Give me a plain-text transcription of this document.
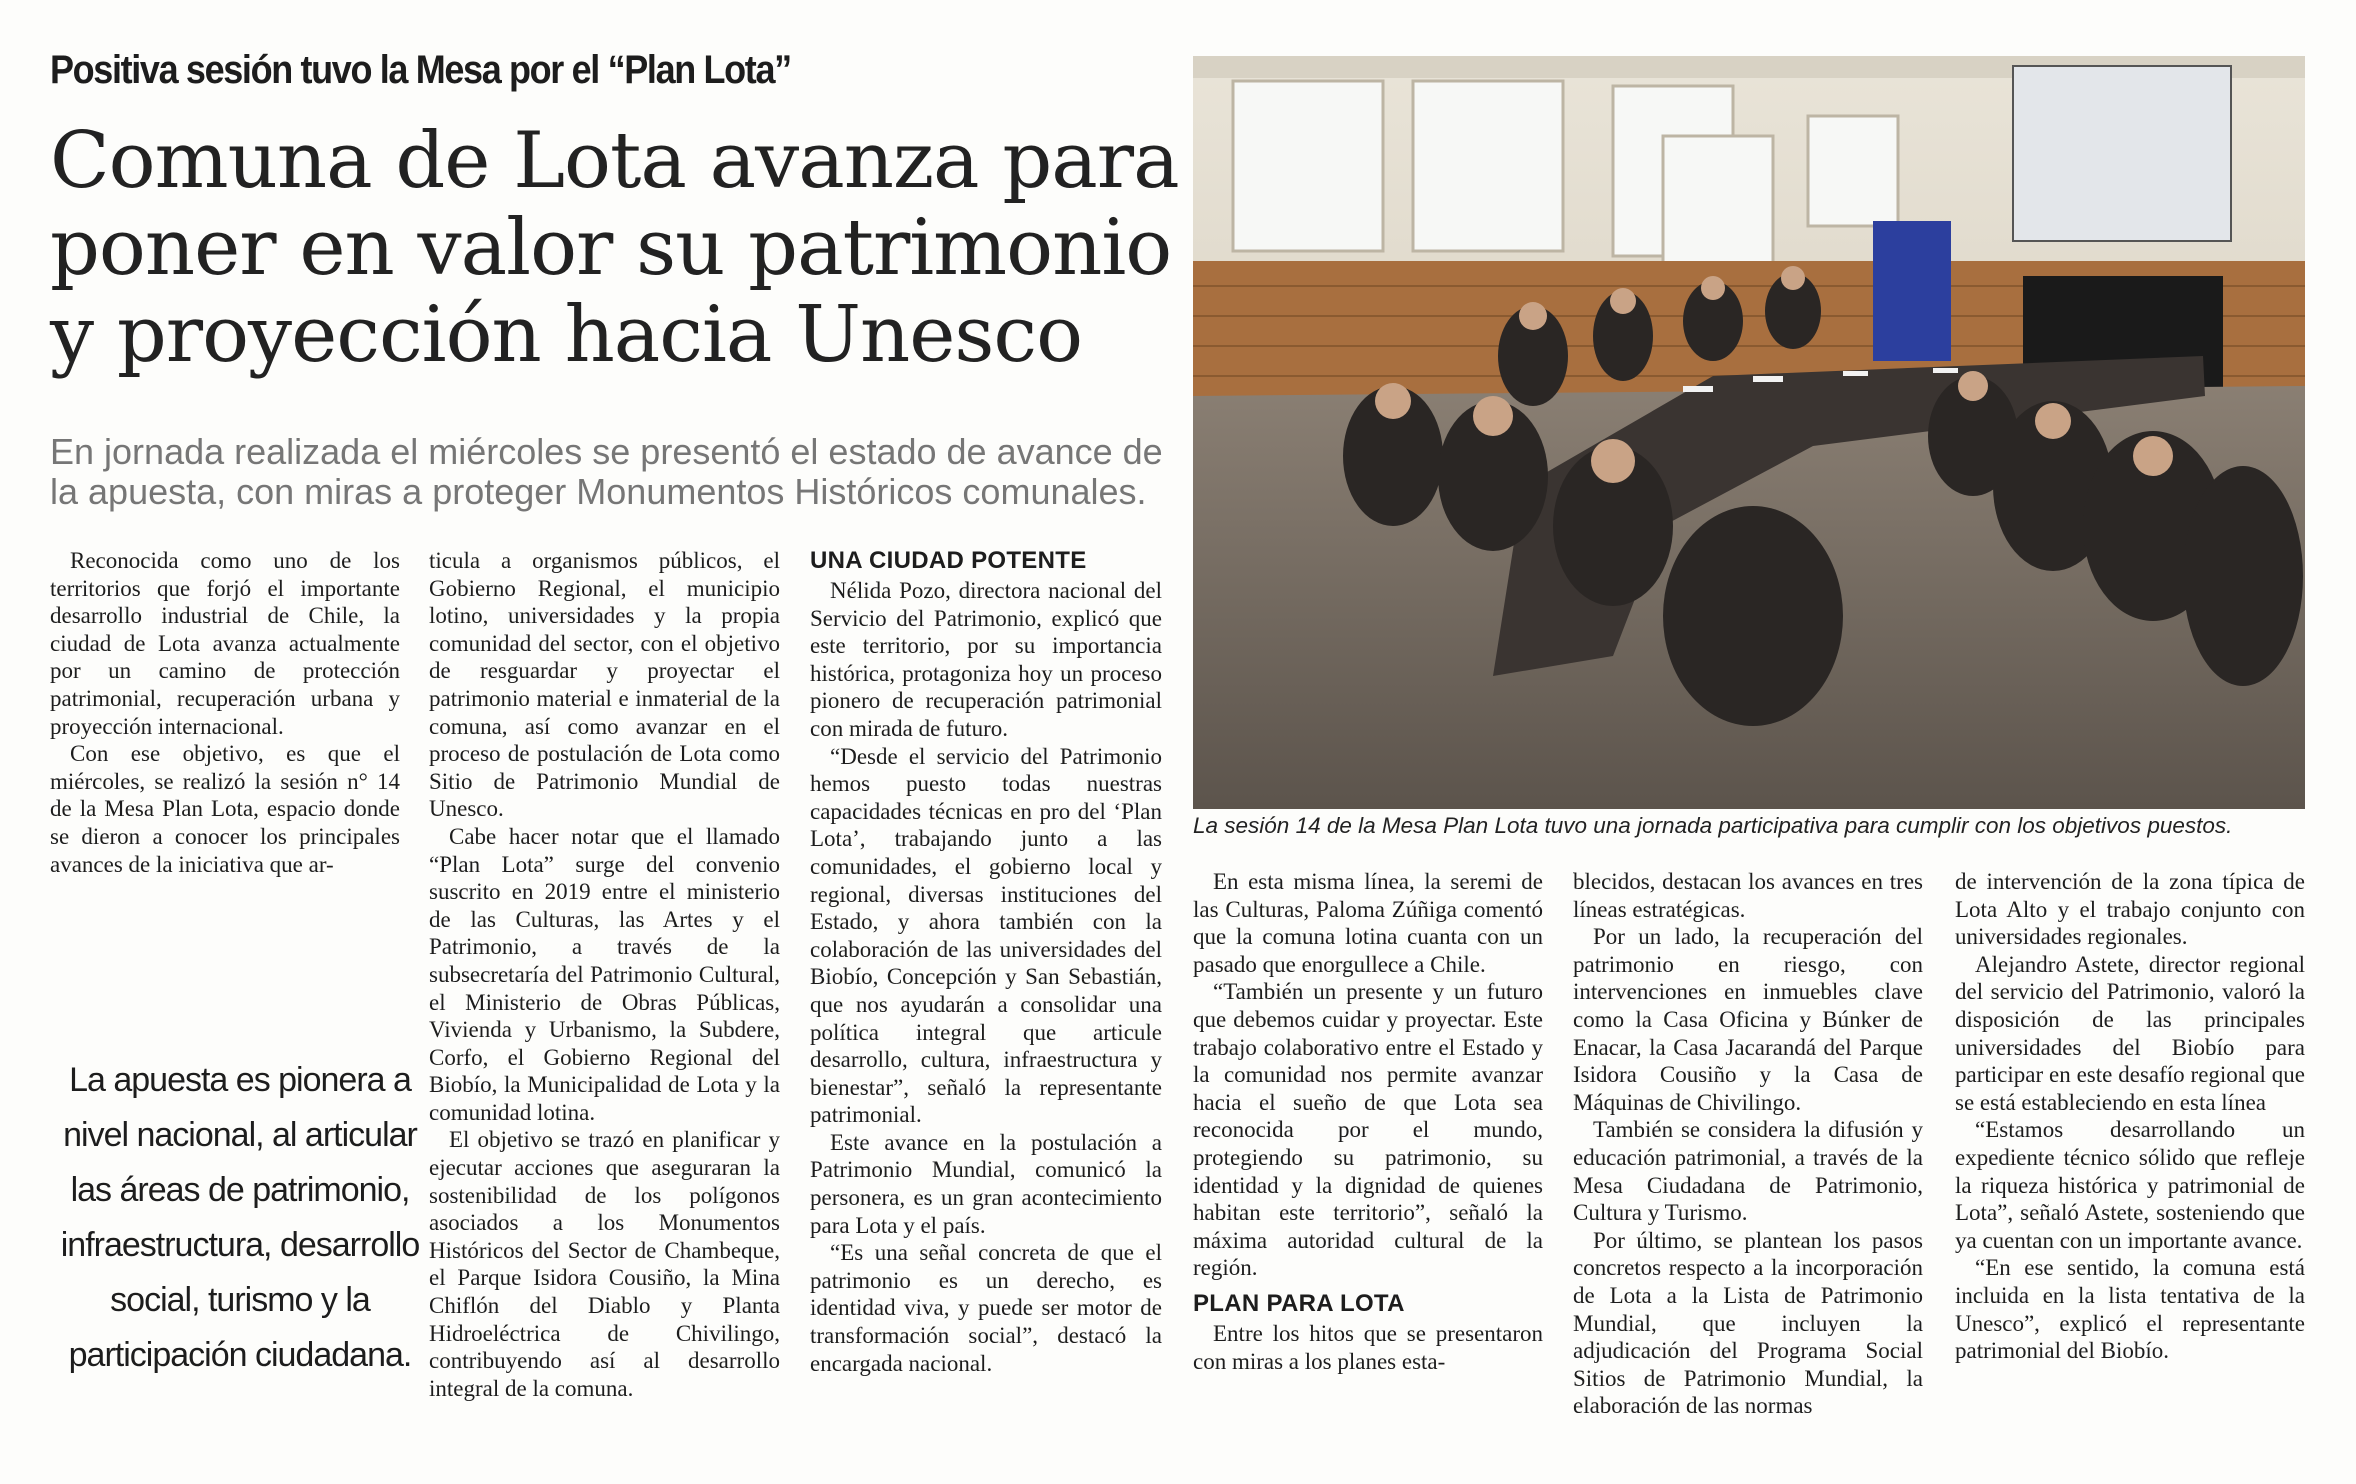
Positiva sesión tuvo la Mesa por el “Plan Lota”
Comuna de Lota avanza para poner en valor su patrimonio y proyección hacia Unesco
En jornada realizada el miércoles se presentó el estado de avance de la apuesta, con miras a proteger Monumentos Históricos comunales.
La sesión 14 de la Mesa Plan Lota tuvo una jornada participativa para cumplir con los objetivos puestos.

Reconocida como uno de los territorios que forjó el importante desarrollo industrial de Chile, la ciudad de Lota avanza actualmente por un camino de protección patrimonial, recuperación urbana y proyección internacional.

Con ese objetivo, es que el miércoles, se realizó la sesión n° 14 de la Mesa Plan Lota, espacio donde se dieron a conocer los principales avances de la iniciativa que ar-

La apuesta es pionera a nivel nacional, al articular las áreas de patrimonio, infraestructura, desarrollo social, turismo y la participación ciudadana.

ticula a organismos públicos, el Gobierno Regional, el municipio lotino, universidades y la propia comunidad del sector, con el objetivo de resguardar y proyectar el patrimonio material e inmaterial de la comuna, así como avanzar en el proceso de postulación de Lota como Sitio de Patrimonio Mundial de Unesco.

Cabe hacer notar que el llamado “Plan Lota” surge del convenio suscrito en 2019 entre el ministerio de las Culturas, las Artes y el Patrimonio, a través de la subsecretaría del Patrimonio Cultural, el Ministerio de Obras Públicas, Vivienda y Urbanismo, la Subdere, Corfo, el Gobierno Regional del Biobío, la Municipalidad de Lota y la comunidad lotina.

El objetivo se trazó en planificar y ejecutar acciones que aseguraran la sostenibilidad de los polígonos asociados a los Monumentos Históricos del Sector de Chambeque, el Parque Isidora Cousiño, la Mina Chiflón del Diablo y Planta Hidroeléctrica de Chivilingo, contribuyendo así al desarrollo integral de la comuna.

UNA CIUDAD POTENTE

Nélida Pozo, directora nacional del Servicio del Patrimonio, explicó que este territorio, por su importancia histórica, protagoniza hoy un proceso pionero de recuperación patrimonial con mirada de futuro.

“Desde el servicio del Patrimonio hemos puesto todas nuestras capacidades técnicas en pro del ‘Plan Lota’, trabajando junto a las comunidades, el gobierno local y regional, diversas instituciones del Estado, y ahora también con la colaboración de las universidades del Biobío, Concepción y San Sebastián, que nos ayudarán a consolidar una política integral que articule desarrollo, cultura, infraestructura y bienestar”, señaló la representante patrimonial.

Este avance en la postulación a Patrimonio Mundial, comunicó la personera, es un gran acontecimiento para Lota y el país.

“Es una señal concreta de que el patrimonio es un derecho, es identidad viva, y puede ser motor de transformación social”, destacó la encargada nacional.

En esta misma línea, la seremi de las Culturas, Paloma Zúñiga comentó que la comuna lotina cuanta con un pasado que enorgullece a Chile.

“También un presente y un futuro que debemos cuidar y proyectar. Este trabajo colaborativo entre el Estado y la comunidad nos permite avanzar hacia el sueño de que Lota sea reconocida por el mundo, protegiendo su patrimonio, su identidad y la dignidad de quienes habitan este territorio”, señaló la máxima autoridad cultural de la región.

PLAN PARA LOTA

Entre los hitos que se presentaron con miras a los planes esta-

blecidos, destacan los avances en tres líneas estratégicas.

Por un lado, la recuperación del patrimonio en riesgo, con intervenciones en inmuebles clave como la Casa Oficina y Búnker de Enacar, la Casa Jacarandá del Parque Isidora Cousiño y la Casa de Máquinas de Chivilingo.

También se considera la difusión y educación patrimonial, a través de la Mesa Ciudadana de Patrimonio, Cultura y Turismo.

Por último, se plantean los pasos concretos respecto a la incorporación de Lota a la Lista de Patrimonio Mundial, que incluyen la adjudicación del Programa Social Sitios de Patrimonio Mundial, la elaboración de las normas

de intervención de la zona típica de Lota Alto y el trabajo conjunto con universidades regionales.

Alejandro Astete, director regional del servicio del Patrimonio, valoró la disposición de las principales universidades del Biobío para participar en este desafío regional que se está estableciendo en esta línea

“Estamos desarrollando un expediente técnico sólido que refleje la riqueza histórica y patrimonial de Lota”, señaló Astete, sosteniendo que ya cuentan con un importante avance.

“En ese sentido, la comuna está incluida en la lista tentativa de la Unesco”, explicó el representante patrimonial del Biobío.
